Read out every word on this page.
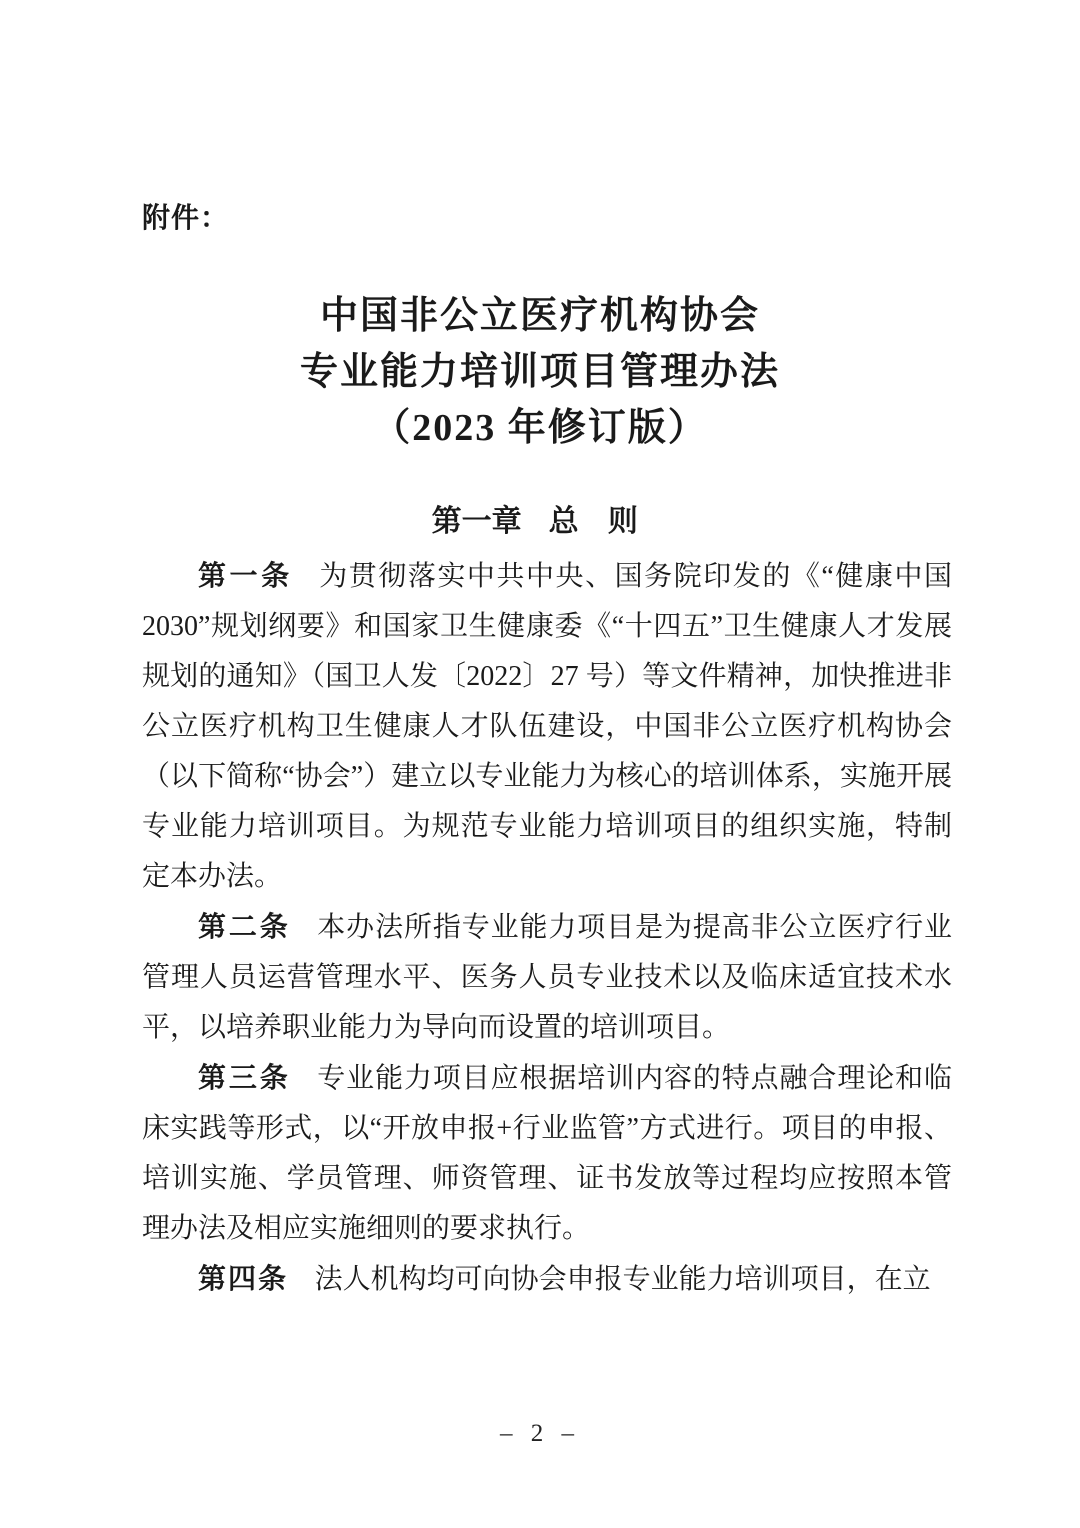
附件：
中国非公立医疗机构协会
专业能力培训项目管理办法
（2023 年修订版）
第一章 总 则

第一条 为贯彻落实中共中央、国务院印发的《“健康中国2030”规划纲要》和国家卫生健康委《“十四五”卫生健康人才发展规划的通知》（国卫人发〔2022〕27 号）等文件精神，加快推进非公立医疗机构卫生健康人才队伍建设，中国非公立医疗机构协会（以下简称“协会”）建立以专业能力为核心的培训体系，实施开展专业能力培训项目。为规范专业能力培训项目的组织实施，特制定本办法。

第二条 本办法所指专业能力项目是为提高非公立医疗行业管理人员运营管理水平、医务人员专业技术以及临床适宜技术水平，以培养职业能力为导向而设置的培训项目。

第三条 专业能力项目应根据培训内容的特点融合理论和临床实践等形式，以“开放申报+行业监管”方式进行。项目的申报、培训实施、学员管理、师资管理、证书发放等过程均应按照本管理办法及相应实施细则的要求执行。

第四条 法人机构均可向协会申报专业能力培训项目，在立

– 2 –
